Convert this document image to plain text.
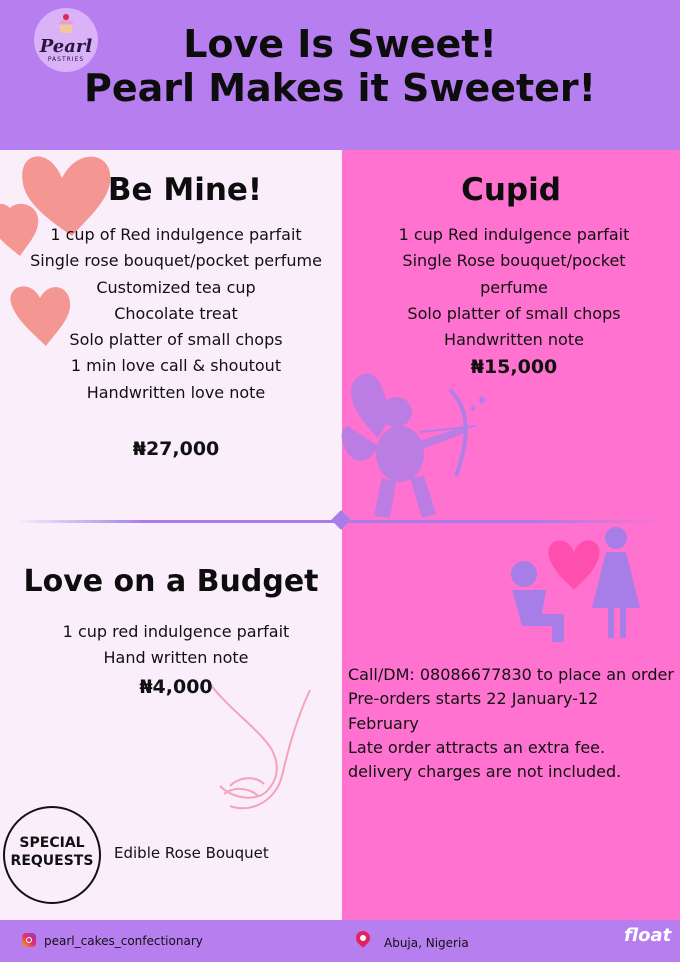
Pearl
PASTRIES	Love Is Sweet!
Pearl Makes it Sweeter!
Be Mine!
1 cup of Red indulgence parfait
Single rose bouquet/pocket perfume
Customized tea cup
Chocolate treat
Solo platter of small chops
1 min love call & shoutout
Handwritten love note
₦27,000
Cupid
1 cup Red indulgence parfait
Single Rose bouquet/pocket perfume
Solo platter of small chops
Handwritten note
₦15,000
Love on a Budget
1 cup red indulgence parfait
Hand written note
₦4,000
Call/DM: 08086677830 to place an order
Pre-orders starts 22 January-12 February
Late order attracts an extra fee.
delivery charges are not included.
SPECIAL
REQUESTS	Edible Rose Bouquet
pearl_cakes_confectionary	Abuja, Nigeria	float
